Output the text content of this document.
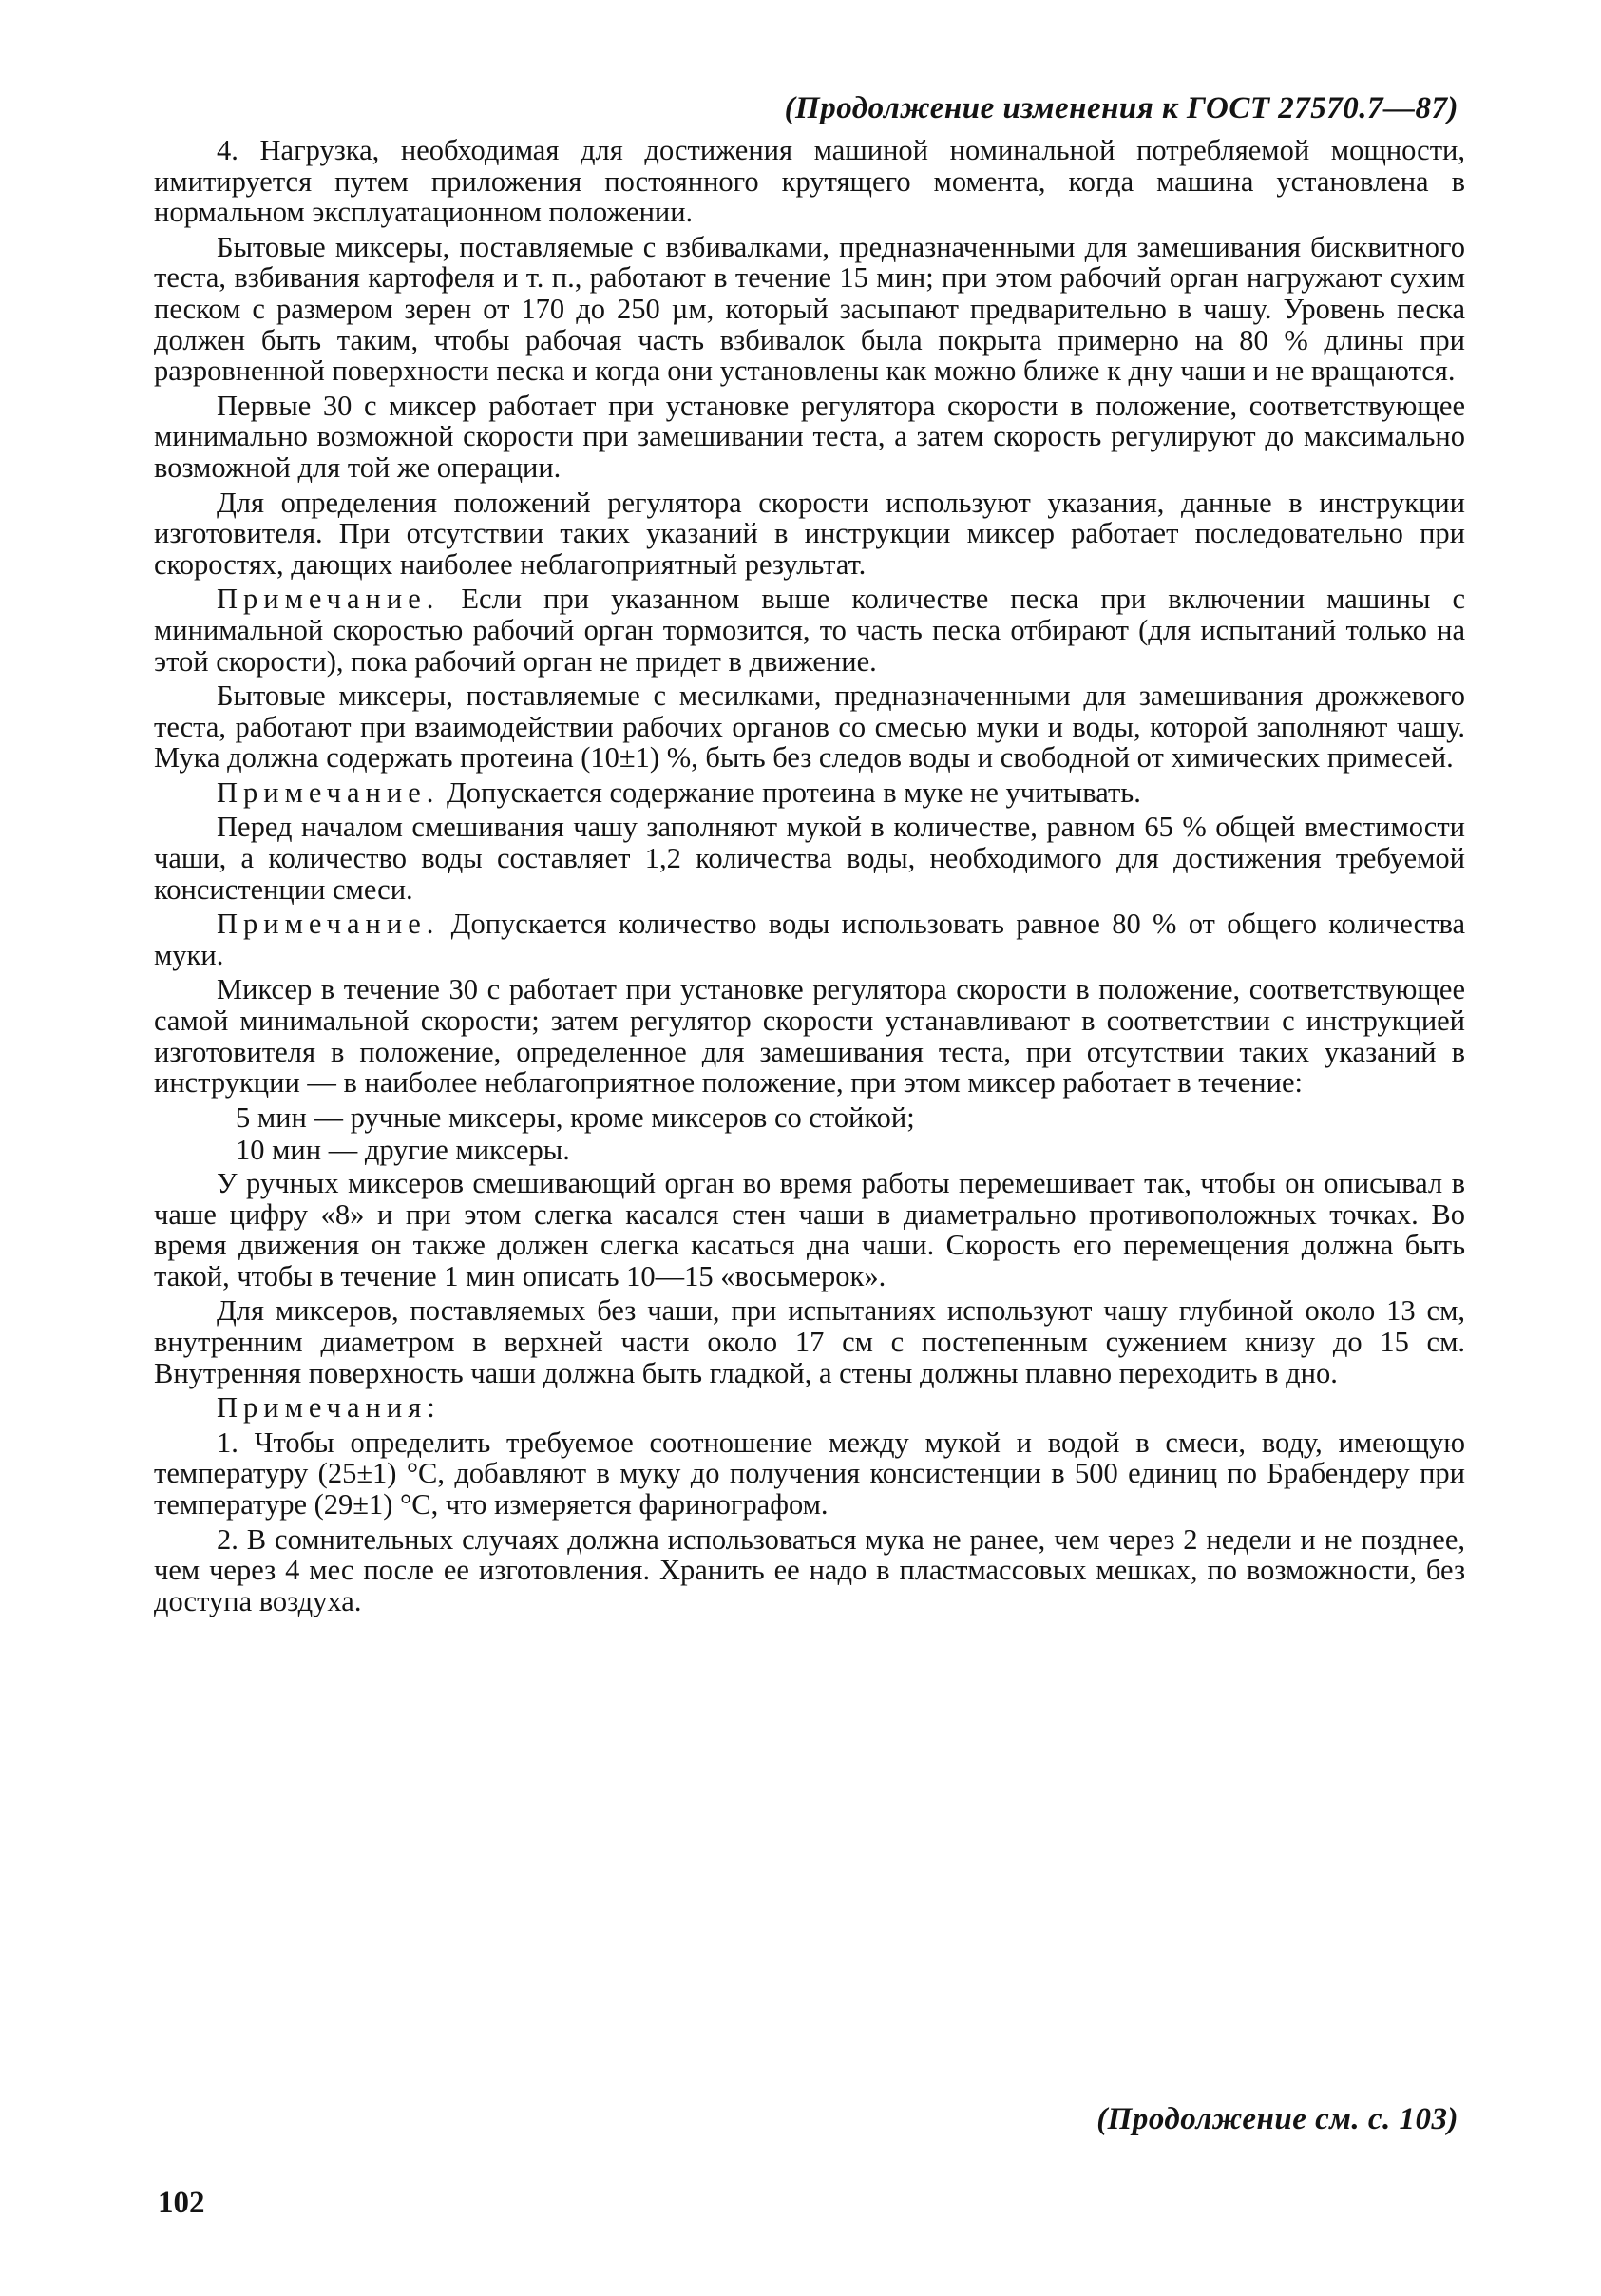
(Продолжение изменения к ГОСТ 27570.7—87)

4. Нагрузка, необходимая для достижения машиной номинальной потребляемой мощности, имитируется путем приложения постоянного крутящего момента, когда машина установлена в нормальном эксплуатационном положении.

Бытовые миксеры, поставляемые с взбивалками, предназначенными для замешивания бисквитного теста, взбивания картофеля и т. п., работают в течение 15 мин; при этом рабочий орган нагружают сухим песком с размером зерен от 170 до 250 µм, который засыпают предварительно в чашу. Уровень песка должен быть таким, чтобы рабочая часть взбивалок была покрыта примерно на 80 % длины при разровненной поверхности песка и когда они установлены как можно ближе к дну чаши и не вращаются.

Первые 30 с миксер работает при установке регулятора скорости в положение, соответствующее минимально возможной скорости при замешивании теста, а затем скорость регулируют до максимально возможной для той же операции.

Для определения положений регулятора скорости используют указания, данные в инструкции изготовителя. При отсутствии таких указаний в инструкции миксер работает последовательно при скоростях, дающих наиболее неблагоприятный результат.

Примечание. Если при указанном выше количестве песка при включении машины с минимальной скоростью рабочий орган тормозится, то часть песка отбирают (для испытаний только на этой скорости), пока рабочий орган не придет в движение.

Бытовые миксеры, поставляемые с месилками, предназначенными для замешивания дрожжевого теста, работают при взаимодействии рабочих органов со смесью муки и воды, которой заполняют чашу. Мука должна содержать протеина (10±1) %, быть без следов воды и свободной от химических примесей.

Примечание. Допускается содержание протеина в муке не учитывать.

Перед началом смешивания чашу заполняют мукой в количестве, равном 65 % общей вместимости чаши, а количество воды составляет 1,2 количества воды, необходимого для достижения требуемой консистенции смеси.

Примечание. Допускается количество воды использовать равное 80 % от общего количества муки.

Миксер в течение 30 с работает при установке регулятора скорости в положение, соответствующее самой минимальной скорости; затем регулятор скорости устанавливают в соответствии с инструкцией изготовителя в положение, определенное для замешивания теста, при отсутствии таких указаний в инструкции — в наиболее неблагоприятное положение, при этом миксер работает в течение:

5 мин — ручные миксеры, кроме миксеров со стойкой;

10 мин — другие миксеры.

У ручных миксеров смешивающий орган во время работы перемешивает так, чтобы он описывал в чаше цифру «8» и при этом слегка касался стен чаши в диаметрально противоположных точках. Во время движения он также должен слегка касаться дна чаши. Скорость его перемещения должна быть такой, чтобы в течение 1 мин описать 10—15 «восьмерок».

Для миксеров, поставляемых без чаши, при испытаниях используют чашу глубиной около 13 см, внутренним диаметром в верхней части около 17 см с постепенным сужением книзу до 15 см. Внутренняя поверхность чаши должна быть гладкой, а стены должны плавно переходить в дно.

Примечания:

1. Чтобы определить требуемое соотношение между мукой и водой в смеси, воду, имеющую температуру (25±1) °С, добавляют в муку до получения консистенции в 500 единиц по Брабендеру при температуре (29±1) °С, что измеряется фаринографом.

2. В сомнительных случаях должна использоваться мука не ранее, чем через 2 недели и не позднее, чем через 4 мес после ее изготовления. Хранить ее надо в пластмассовых мешках, по возможности, без доступа воздуха.

(Продолжение см. с. 103)
102
